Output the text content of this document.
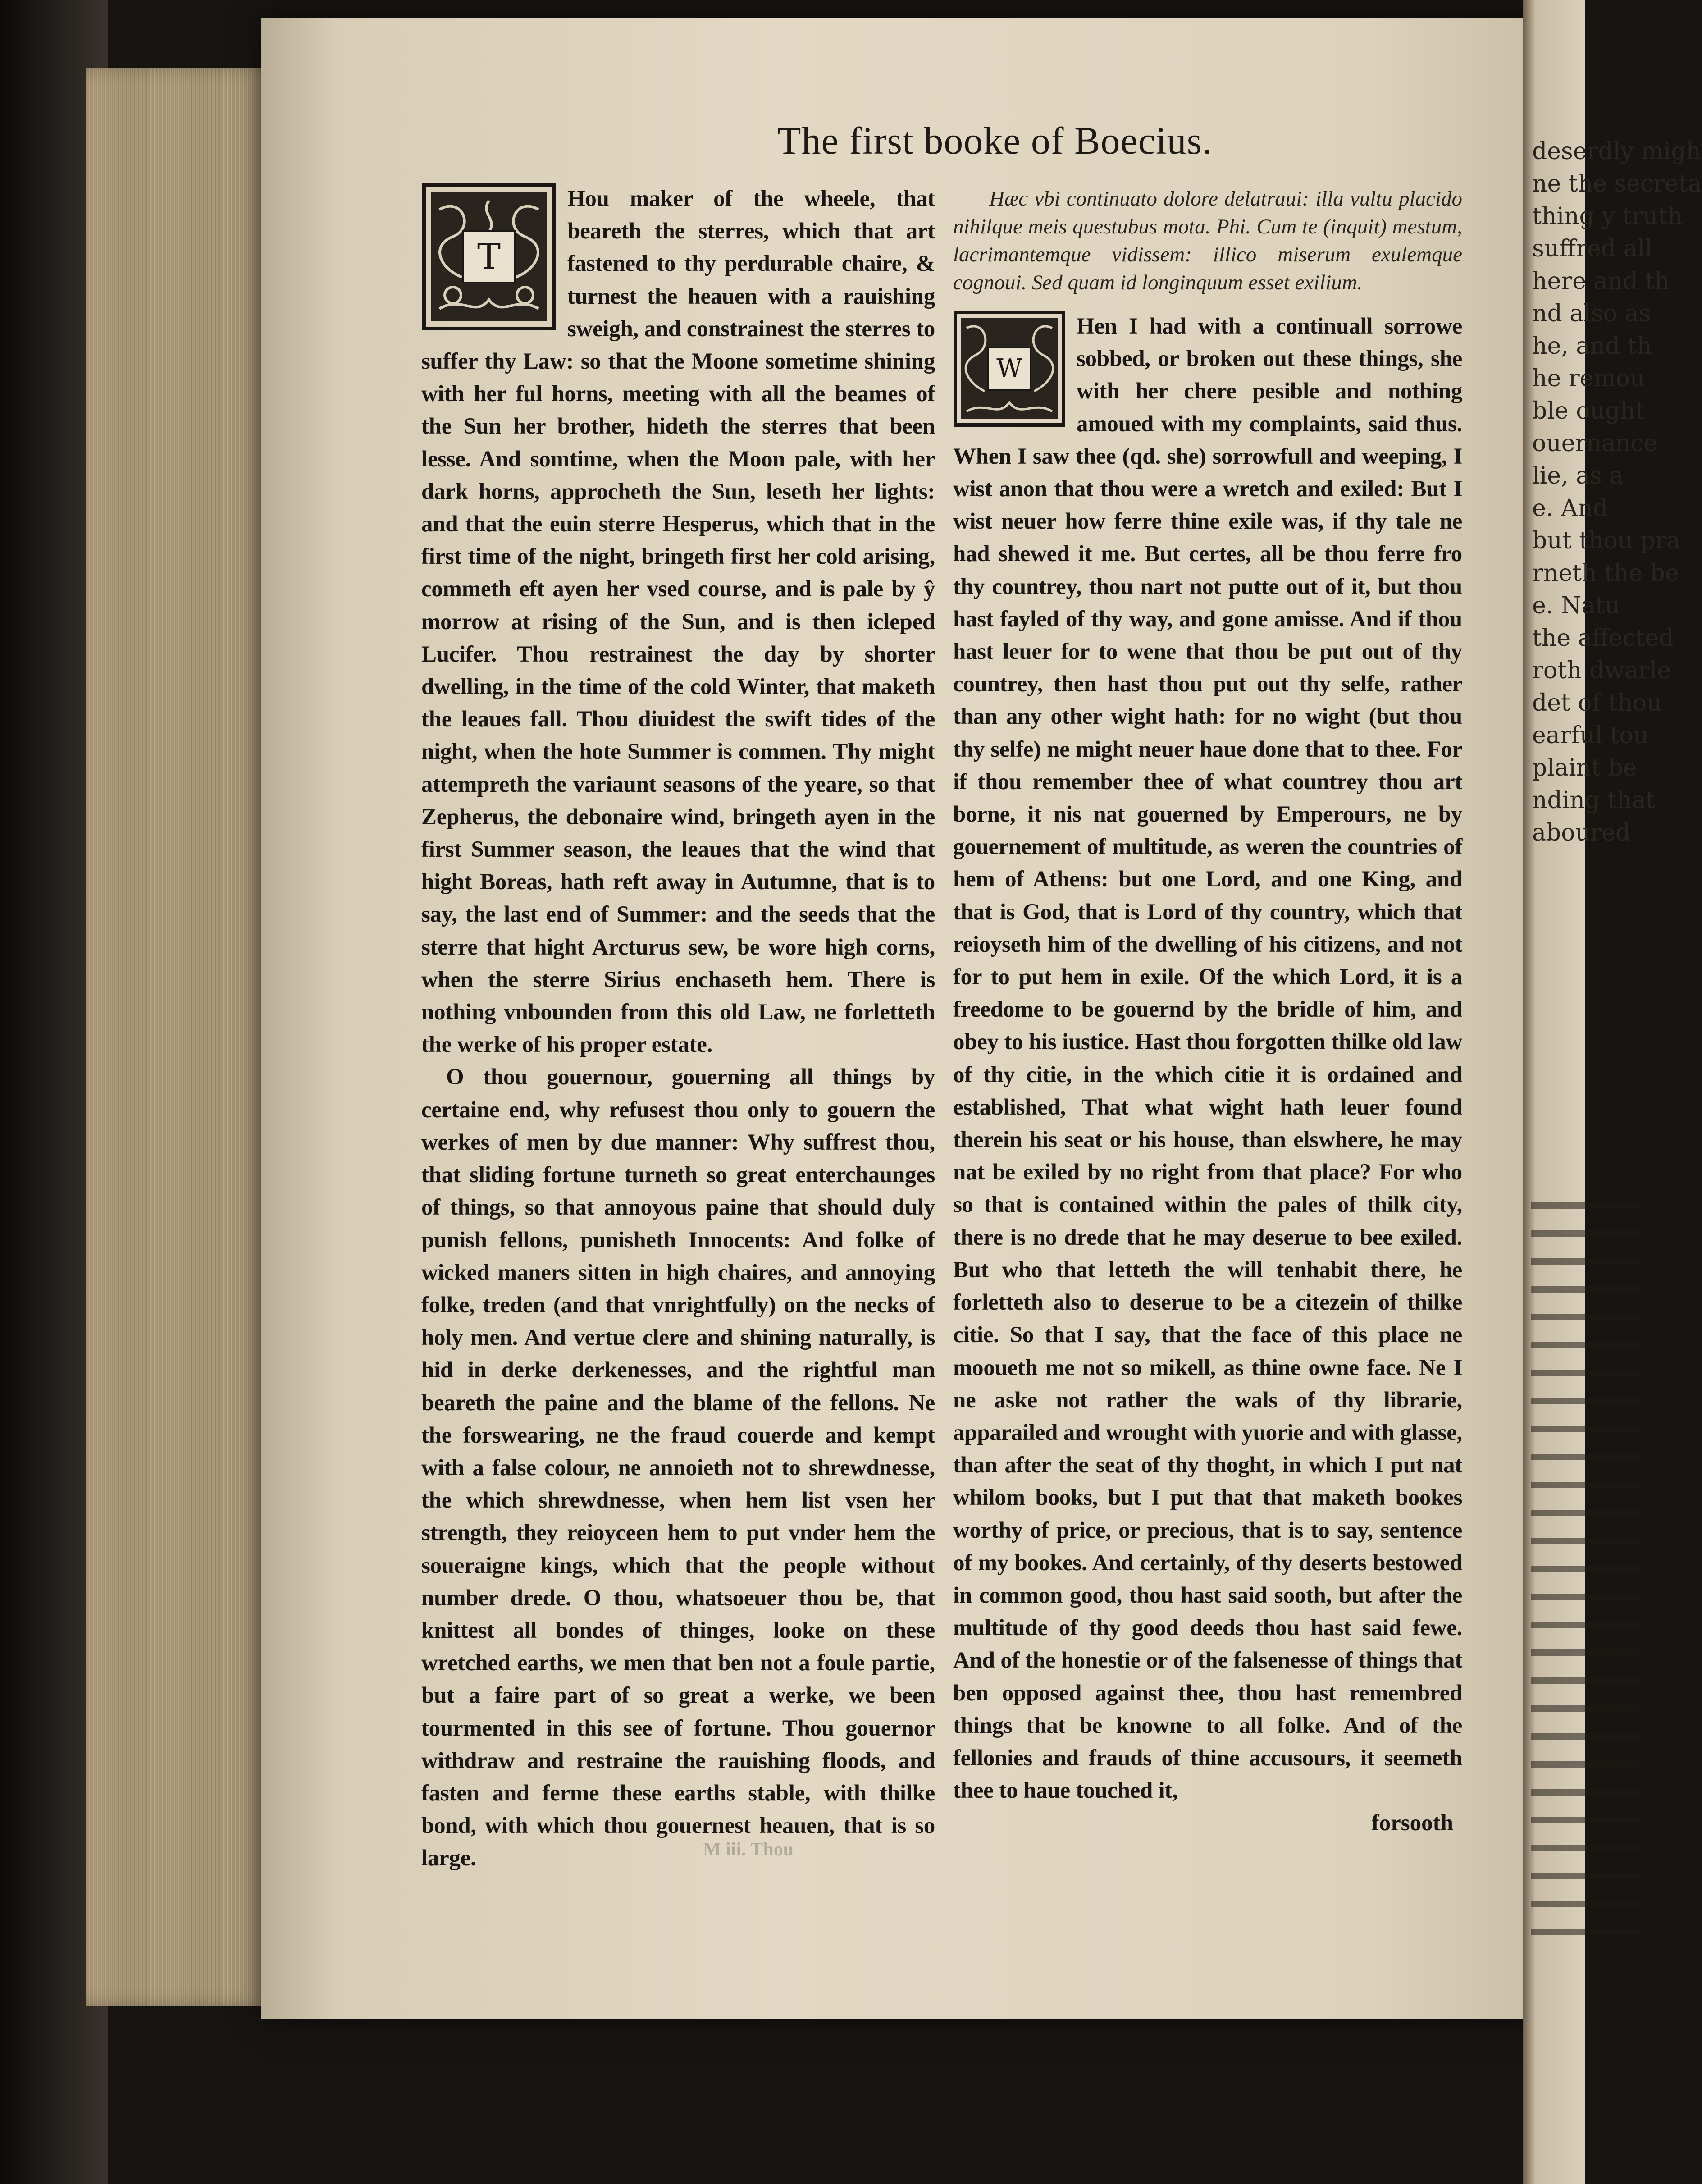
The first booke of Boecius.
T

Hou maker of the wheele, that beareth the sterres, which that art fastened to thy perdurable chaire, & turnest the heauen with a rauishing sweigh, and constrainest the sterres to suffer thy Law: so that the Moone sometime shining with her ful horns, meeting with all the beames of the Sun her brother, hideth the sterres that been lesse. And somtime, when the Moon pale, with her dark horns, approcheth the Sun, leseth her lights: and that the euin sterre Hesperus, which that in the first time of the night, bringeth first her cold arising, commeth eft ayen her vsed course, and is pale by ŷ morrow at rising of the Sun, and is then icleped Lucifer. Thou restrainest the day by shorter dwelling, in the time of the cold Winter, that maketh the leaues fall. Thou diuidest the swift tides of the night, when the hote Summer is commen. Thy might attempreth the variaunt seasons of the yeare, so that Zepherus, the debonaire wind, bringeth ayen in the first Summer season, the leaues that the wind that hight Boreas, hath reft away in Autumne, that is to say, the last end of Summer: and the seeds that the sterre that hight Arcturus sew, be wore high corns, when the sterre Sirius enchaseth hem. There is nothing vnbounden from this old Law, ne forletteth the werke of his proper estate.

O thou gouernour, gouerning all things by certaine end, why refusest thou only to gouern the werkes of men by due manner: Why suffrest thou, that sliding fortune turneth so great enterchaunges of things, so that annoyous paine that should duly punish fellons, punisheth Innocents: And folke of wicked maners sitten in high chaires, and annoying folke, treden (and that vnrightfully) on the necks of holy men. And vertue clere and shining naturally, is hid in derke derkenesses, and the rightful man beareth the paine and the blame of the fellons. Ne the forswearing, ne the fraud couerde and kempt with a false colour, ne annoieth not to shrewdnesse, the which shrewdnesse, when hem list vsen her strength, they reioyceen hem to put vnder hem the soueraigne kings, which that the people without number drede. O thou, whatsoeuer thou be, that knittest all bondes of thinges, looke on these wretched earths, we men that ben not a foule partie, but a faire part of so great a werke, we been tourmented in this see of fortune. Thou gouernor withdraw and restraine the rauishing floods, and fasten and ferme these earths stable, with thilke bond, with which thou gouernest heauen, that is so large.

Hæc vbi continuato dolore delatraui: illa vultu placido nihilque meis questubus mota. Phi. Cum te (inquit) mestum, lacrimantemque vidissem: illico miserum exulemque cognoui. Sed quam id longinquum esset exilium.

W

Hen I had with a continuall sorrowe sobbed, or broken out these things, she with her chere pesible and nothing amoued with my complaints, said thus. When I saw thee (qd. she) sorrowfull and weeping, I wist anon that thou were a wretch and exiled: But I wist neuer how ferre thine exile was, if thy tale ne had shewed it me. But certes, all be thou ferre fro thy countrey, thou nart not putte out of it, but thou hast fayled of thy way, and gone amisse. And if thou hast leuer for to wene that thou be put out of thy countrey, then hast thou put out thy selfe, rather than any other wight hath: for no wight (but thou thy selfe) ne might neuer haue done that to thee. For if thou remember thee of what countrey thou art borne, it nis nat gouerned by Emperours, ne by gouernement of multitude, as weren the countries of hem of Athens: but one Lord, and one King, and that is God, that is Lord of thy country, which that reioyseth him of the dwelling of his citizens, and not for to put hem in exile. Of the which Lord, it is a freedome to be gouernd by the bridle of him, and obey to his iustice. Hast thou forgotten thilke old law of thy citie, in the which citie it is ordained and established, That what wight hath leuer found therein his seat or his house, than elswhere, he may nat be exiled by no right from that place? For who so that is contained within the pales of thilk city, there is no drede that he may deserue to bee exiled. But who that letteth the will tenhabit there, he forletteth also to deserue to be a citezein of thilke citie. So that I say, that the face of this place ne mooueth me not so mikell, as thine owne face. Ne I ne aske not rather the wals of thy librarie, apparailed and wrought with yuorie and with glasse, than after the seat of thy thoght, in which I put nat whilom books, but I put that that maketh bookes worthy of price, or precious, that is to say, sentence of my bookes. And certainly, of thy deserts bestowed in common good, thou hast said sooth, but after the multitude of thy good deeds thou hast said fewe. And of the honestie or of the falsenesse of things that ben opposed against thee, thou hast remembred things that be knowne to all folke. And of the fellonies and frauds of thine accusours, it seemeth thee to haue touched it,

forsooth

M iii. Thou
deserdly migh
ne the secreta
thing y truth
suffred all
here and th
nd also as
he, and th
he remou
ble ought
ouernance
lie, as a
e. And
but thou pra
rneth the be
e. Natu
the affected
roth dwarle
det of thou
earful tou
plaint be
nding that
aboured
